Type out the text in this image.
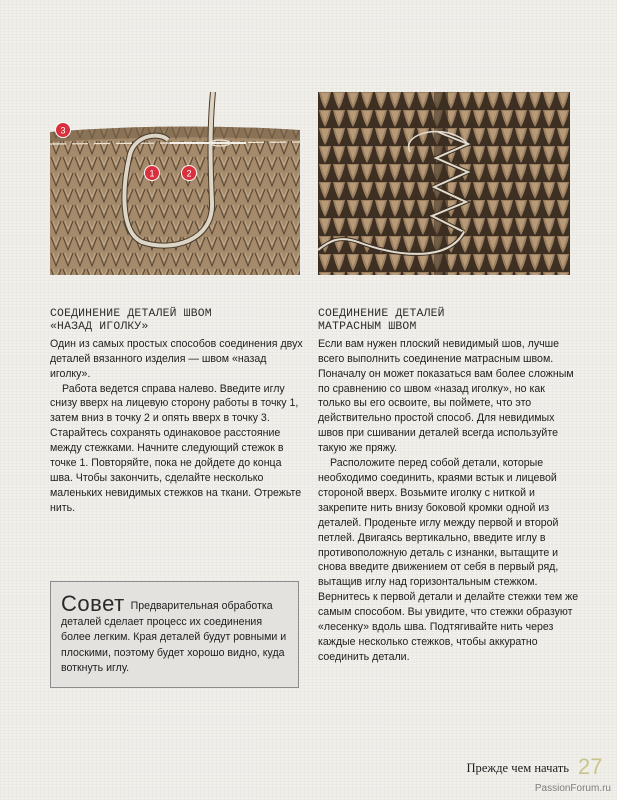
3
1	2
СОЕДИНЕНИЕ ДЕТАЛЕЙ ШВОМ
«НАЗАД ИГОЛКУ»

Один из самых простых способов соединения двух деталей вязанного изделия — швом «назад иголку».

Работа ведется справа налево. Введите иглу снизу вверх на лицевую сторону работы в точку 1, затем вниз в точку 2 и опять вверх в точку 3. Старайтесь сохранять одинаковое расстояние между стежками. Начните следующий стежок в точке 1. Повторяйте, пока не дойдете до конца шва. Чтобы закончить, сделайте несколько маленьких невидимых стежков на ткани. Отрежьте нить.

СОЕДИНЕНИЕ ДЕТАЛЕЙ
МАТРАСНЫМ ШВОМ

Если вам нужен плоский невидимый шов, лучше всего выполнить соединение матрасным швом. Поначалу он может показаться вам более сложным по сравнению со швом «назад иголку», но как только вы его освоите, вы поймете, что это действительно простой способ. Для невидимых швов при сшивании деталей всегда используйте такую же пряжу.

Расположите перед собой детали, которые необходимо соединить, краями встык и лицевой стороной вверх. Возьмите иголку с ниткой и закрепите нить внизу боковой кромки одной из деталей. Проденьте иглу между первой и второй петлей. Двигаясь вертикально, введите иглу в противоположную деталь с изнанки, вытащите и снова введите движением от себя в первый ряд, вытащив иглу над горизонтальным стежком. Вернитесь к первой детали и делайте стежки тем же самым способом. Вы увидите, что стежки образуют «лесенку» вдоль шва. Подтягивайте нить через каждые несколько стежков, чтобы аккуратно соединить детали.

Совет Предварительная обработка деталей сделает процесс их соединения более легким. Края деталей будут ровными и плоскими, поэтому будет хорошо видно, куда воткнуть иглу.
Прежде чем начать 27
PassionForum.ru
